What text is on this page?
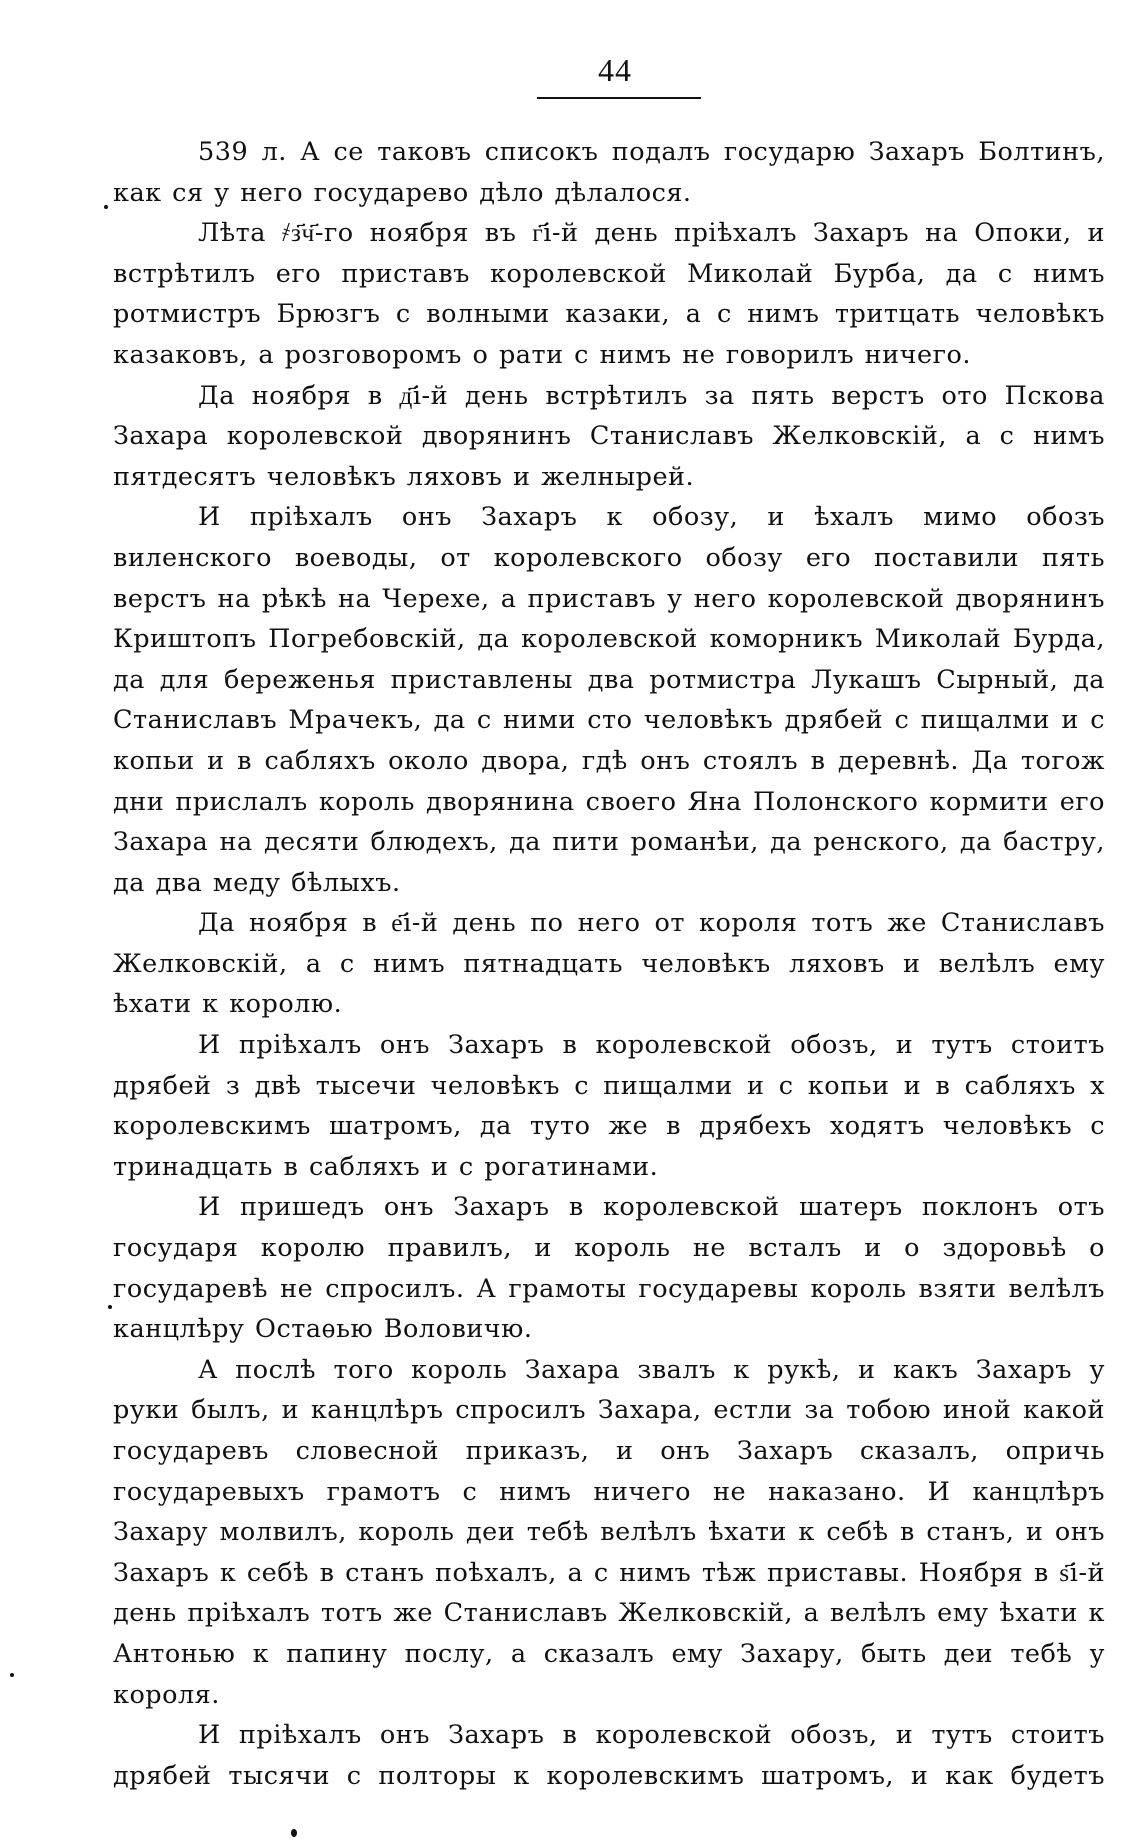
44

539 л. А се таковъ списокъ подалъ государю Захаръ Болтинъ, как ся у него государево дѣло дѣлалося.

Лѣта ҂з҃ч҃-го ноября въ г҃і-й день пріѣхалъ Захаръ на Опоки, и встрѣтилъ его приставъ королевской Миколай Бурба, да с нимъ ротмистръ Брюзгъ с волными казаки, а с нимъ тритцать человѣкъ казаковъ, а розговоромъ о рати с нимъ не говорилъ ничего.

Да ноября в д҃і-й день встрѣтилъ за пять верстъ ото Пскова Захара королевской дворянинъ Станиславъ Желковскій, а с нимъ пятдесятъ человѣкъ ляховъ и желнырей.

И пріѣхалъ онъ Захаръ к обозу, и ѣхалъ мимо обозъ виленского воеводы, от королевского обозу его поставили пять верстъ на рѣкѣ на Черехе, а приставъ у него королевской дворянинъ Криштопъ Погребовскій, да королевской коморникъ Миколай Бурда, да для береженья приставлены два ротмистра Лукашъ Сырный, да Станиславъ Мрачекъ, да с ними сто человѣкъ дрябей с пищалми и с копьи и в сабляхъ около двора, гдѣ онъ стоялъ в деревнѣ. Да тогож дни прислалъ король дворянина своего Яна Полонского кормити его Захара на десяти блюдехъ, да пити романѣи, да ренского, да бастру, да два меду бѣлыхъ.

Да ноября в е҃і-й день по него от короля тотъ же Станиславъ Желковскій, а с нимъ пятнадцать человѣкъ ляховъ и велѣлъ ему ѣхати к королю.

И пріѣхалъ онъ Захаръ в королевской обозъ, и тутъ стоитъ дрябей з двѣ тысечи человѣкъ с пищалми и с копьи и в сабляхъ х королевскимъ шатромъ, да туто же в дрябехъ ходятъ человѣкъ с тринадцать в сабляхъ и с рогатинами.

И пришедъ онъ Захаръ в королевской шатеръ поклонъ отъ государя королю правилъ, и король не всталъ и о здоровьѣ о государевѣ не спросилъ. А грамоты государевы король взяти велѣлъ канцлѣру Остаѳью Воловичю.

А послѣ того король Захара звалъ к рукѣ, и какъ Захаръ у руки былъ, и канцлѣръ спросилъ Захара, естли за тобою иной какой государевъ словесной приказъ, и онъ Захаръ сказалъ, опричь государевыхъ грамотъ с нимъ ничего не наказано. И канцлѣръ Захару молвилъ, король деи тебѣ велѣлъ ѣхати к себѣ в станъ, и онъ Захаръ к себѣ в станъ поѣхалъ, а с нимъ тѣж приставы. Ноября в ѕ҃і-й день пріѣхалъ тотъ же Станиславъ Желковскій, а велѣлъ ему ѣхати к Антонью к папину послу, а сказалъ ему Захару, быть деи тебѣ у короля.

И пріѣхалъ онъ Захаръ в королевской обозъ, и тутъ стоитъ дрябей тысячи с полторы к королевскимъ шатромъ, и как будетъ
